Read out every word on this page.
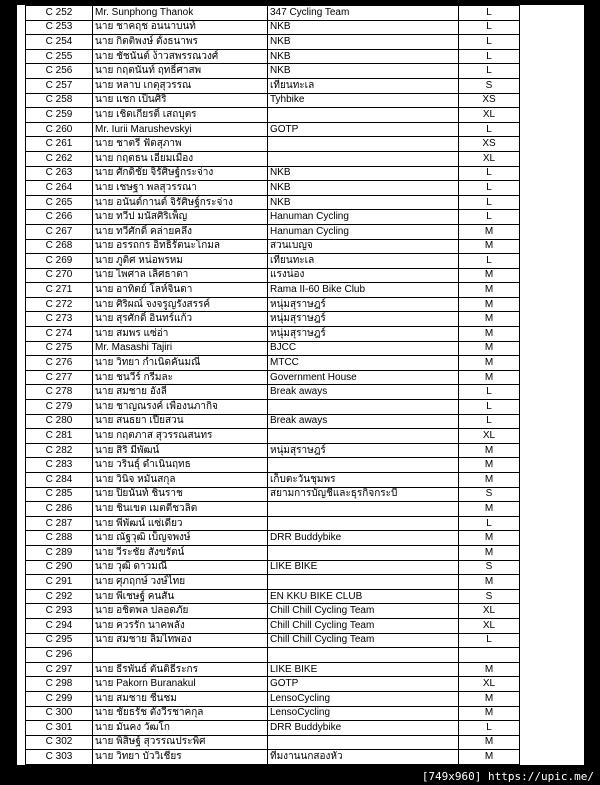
C 252	Mr. Sunphong Thanok	347 Cycling Team	L
C 253	นาย ชาคฤช อนนาบนท์	NKB	L
C 254	นาย กิตติพงษ์ ตั้งธนาพร	NKB	L
C 255	นาย ชัชนันต์ ง้าวสพรรณวงศ์	NKB	L
C 256	นาย กฤตนันท์ ฤทธิ์ศาสพ	NKB	L
C 257	นาย หลาบ เกตุสุวรรณ	เทียนทะเล	S
C 258	นาย แชก เป็นศิริ	Tyhbike	XS
C 259	นาย เชิดเกียรติ์ เสถบุตร		XL
C 260	Mr. Iurii Marushevskyi	GOTP	L
C 261	นาย ชาตรี ฟัดสุภาพ		XS
C 262	นาย กฤตธน เอี่ยมเมือง		XL
C 263	นาย ศักดิ์ชัย จิรัศิษฐ์กระจ่าง	NKB	L
C 264	นาย เชษฐา พลสุวรรณา	NKB	L
C 265	นาย อนันต์กานต์ จิรัศิษฐ์กระจ่าง	NKB	L
C 266	นาย ทวีป มนัสศิริเพ็ญ	Hanuman Cycling	L
C 267	นาย ทวีศักดิ์ คล่ายคลึง	Hanuman Cycling	M
C 268	นาย อรรถกร อิทธิรัตนะโกมล	สวนเบญจ	M
C 269	นาย ภูติศ หน่อพรหม	เทียนทะเล	L
C 270	นาย ไพศาล เลิศธาดา	แรงน่อง	M
C 271	นาย อาทิตย์ โลห์จินดา	Rama II-60 Bike Club	M
C 272	นาย ศิริผณ์ จงจรูญรังสรรค์	หนุ่มสุราษฎร์	M
C 273	นาย สุรศักดิ์ อินทร์แก้ว	หนุ่มสุราษฎร์	M
C 274	นาย สมพร แซ่อ่า	หนุ่มสุราษฎร์	M
C 275	Mr. Masashi Tajiri	BJCC	M
C 276	นาย วิทยา กำเนิดคันมณี	MTCC	M
C 277	นาย ชนวีร์ กรีมละ	Government House	M
C 278	นาย สมชาย อังลี่	Break aways	L
C 279	นาย ชาญณรงค์ เพื่องนภากิจ		L
C 280	นาย สนธยา เปียสวน	Break aways	L
C 281	นาย กฤตภาส สุวรรณสนทร		XL
C 282	นาย สิริ มีพัฒน์	หนุ่มสุราษฎร์	M
C 283	นาย วรินธุ์ ดำเนินฤทธ		M
C 284	นาย วินิจ หมั่นสกุล	เก็บตะวันชุมพร	M
C 285	นาย ปิยนันท์ ชินราช	สยามการบัญชีและธุรกิจกระบี่	S
C 286	นาย ชินเขต เมตตีชวลิต		M
C 287	นาย พีพัฒน์ แซ่เดียว		L
C 288	นาย ณัฐวุฒิ เบ็ญจพงษ์	DRR Buddybike	M
C 289	นาย วีระชัย สังขรัตน์		M
C 290	นาย วุฒิ ดาวมณี	LIKE BIKE	S
C 291	นาย ศุภฤกษ์ วงษ์ไทย		M
C 292	นาย พีเชษฐ์ คนสัน	EN KKU BIKE CLUB	S
C 293	นาย อชิตพล ปลอดภัย	Chill Chill Cycling Team	XL
C 294	นาย ควรรัก นาคพลัง	Chill Chill Cycling Team	XL
C 295	นาย สมชาย ลิ้มไทพอง	Chill Chill Cycling Team	L
C 296			
C 297	นาย ธีรพันธ์ ตันติธีระกร	LIKE BIKE	M
C 298	นาย Pakorn Buranakul	GOTP	XL
C 299	นาย สมชาย ชื่นชม	LensoCycling	M
C 300	นาย ชัยธรัช ตั้งวีรชาคกุล	LensoCycling	M
C 301	นาย มั่นคง วัฒโก	DRR Buddybike	L
C 302	นาย พิสิษฐ์ สุวรรณประพิศ		M
C 303	นาย วิทยา บัววิเชียร	ทีมงานนกสองหัว	M

[749x960] https://upic.me/
